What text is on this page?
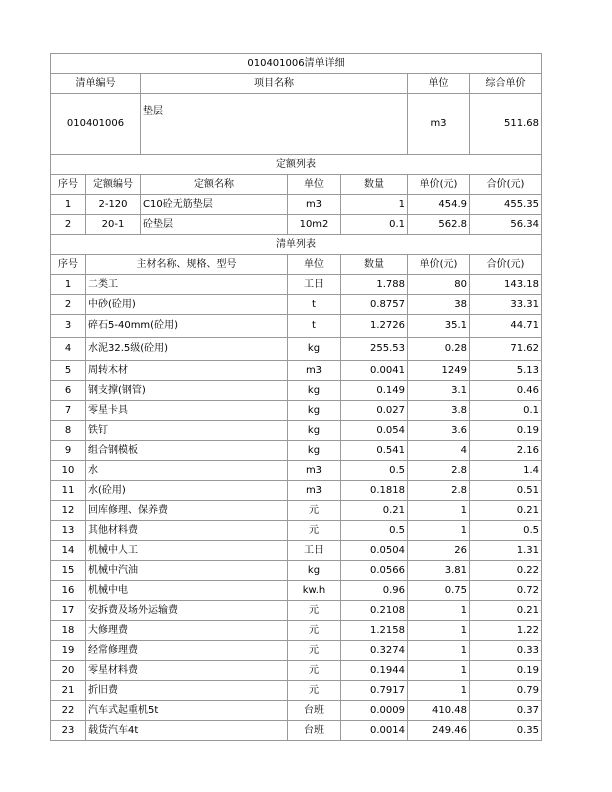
010401006清单详细						
清单编号		项目名称			单位	综合单价
010401006		垫层			m3	511.68
定额列表						
序号	定额编号	定额名称	单位	数量	单价(元)	合价(元)
1	2-120	C10砼无筋垫层	m3	1	454.9	455.35
2	20-1	砼垫层	10m2	0.1	562.8	56.34
清单列表						
序号	主材名称、规格、型号		单位	数量	单价(元)	合价(元)
1	二类工		工日	1.788	80	143.18
2	中砂(砼用)		t	0.8757	38	33.31
3	碎石5-40mm(砼用)		t	1.2726	35.1	44.71
4	水泥32.5级(砼用)		kg	255.53	0.28	71.62
5	周转木材		m3	0.0041	1249	5.13
6	钢支撑(钢管)		kg	0.149	3.1	0.46
7	零星卡具		kg	0.027	3.8	0.1
8	铁钉		kg	0.054	3.6	0.19
9	组合钢模板		kg	0.541	4	2.16
10	水		m3	0.5	2.8	1.4
11	水(砼用)		m3	0.1818	2.8	0.51
12	回库修理、保养费		元	0.21	1	0.21
13	其他材料费		元	0.5	1	0.5
14	机械中人工		工日	0.0504	26	1.31
15	机械中汽油		kg	0.0566	3.81	0.22
16	机械中电		kw.h	0.96	0.75	0.72
17	安拆费及场外运输费		元	0.2108	1	0.21
18	大修理费		元	1.2158	1	1.22
19	经常修理费		元	0.3274	1	0.33
20	零星材料费		元	0.1944	1	0.19
21	折旧费		元	0.7917	1	0.79
22	汽车式起重机5t		台班	0.0009	410.48	0.37
23	载货汽车4t		台班	0.0014	249.46	0.35
